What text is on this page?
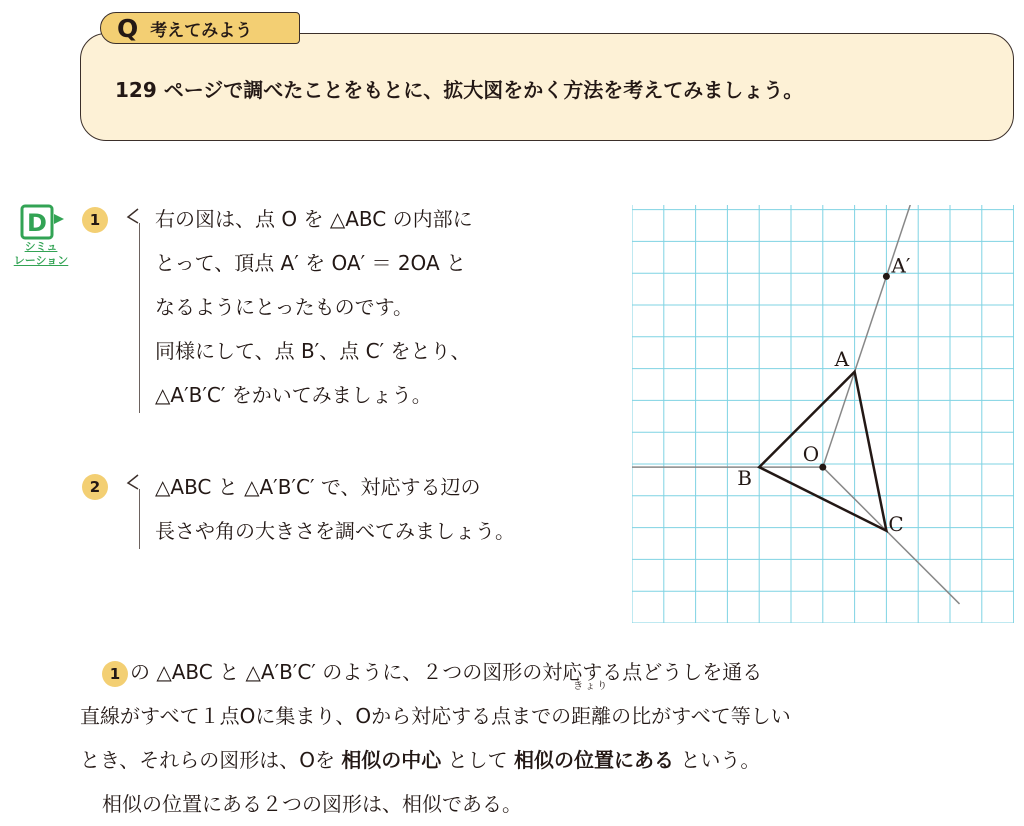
Q 考えてみよう
129 ページで調べたことをもとに、拡大図をかく方法を考えてみましょう。
D
シミュ
レーション
1	右の図は、点 O を △ABC の内部に
とって、頂点 A′ を OA′ ＝ 2OA と
なるようにとったものです。
同様にして、点 B′、点 C′ をとり、
△A′B′C′ をかいてみましょう。
2	△ABC と △A′B′C′ で、対応する辺の
長さや角の大きさを調べてみましょう。
A′
A
B
C
O
1 の △ABC と △A′B′C′ のように、２つの図形の対応する点どうしを通る
直線がすべて１点Oに集まり、Oから対応する点までの
きょり
距離の比がすべて等しい
とき、それらの図形は、Oを 相似の中心 として 相似の位置にある という。
相似の位置にある２つの図形は、相似である。
